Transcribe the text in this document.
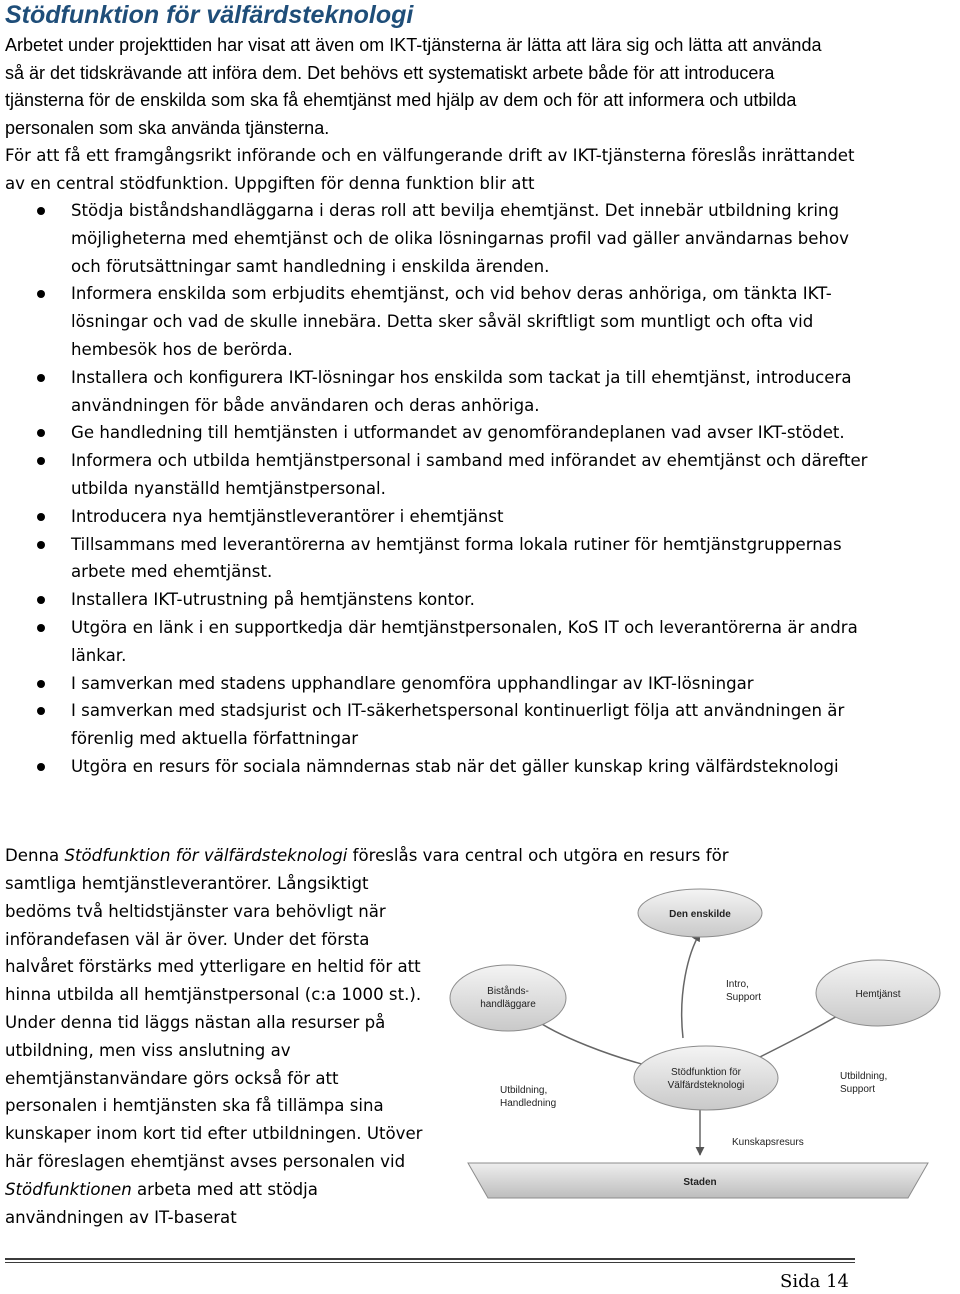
Stödfunktion för välfärdsteknologi

Arbetet under projekttiden har visat att även om IKT-tjänsterna är lätta att lära sig och lätta att använda så är det tidskrävande att införa dem. Det behövs ett systematiskt arbete både för att introducera tjänsterna för de enskilda som ska få ehemtjänst med hjälp av dem och för att informera och utbilda personalen som ska använda tjänsterna.

För att få ett framgångsrikt införande och en välfungerande drift av IKT-tjänsterna föreslås inrättandet av en central stödfunktion. Uppgiften för denna funktion blir att

Stödja biståndshandläggarna i deras roll att bevilja ehemtjänst. Det innebär utbildning kring möjligheterna med ehemtjänst och de olika lösningarnas profil vad gäller användarnas behov och förutsättningar samt handledning i enskilda ärenden.
Informera enskilda som erbjudits ehemtjänst, och vid behov deras anhöriga, om tänkta IKT-lösningar och vad de skulle innebära. Detta sker såväl skriftligt som muntligt och ofta vid hembesök hos de berörda.
Installera och konfigurera IKT-lösningar hos enskilda som tackat ja till ehemtjänst, introducera användningen för både användaren och deras anhöriga.
Ge handledning till hemtjänsten i utformandet av genomförandeplanen vad avser IKT-stödet.
Informera och utbilda hemtjänstpersonal i samband med införandet av ehemtjänst och därefter utbilda nyanställd hemtjänstpersonal.
Introducera nya hemtjänstleverantörer i ehemtjänst
Tillsammans med leverantörerna av hemtjänst forma lokala rutiner för hemtjänstgruppernas arbete med ehemtjänst.
Installera IKT-utrustning på hemtjänstens kontor.
Utgöra en länk i en supportkedja där hemtjänstpersonalen, KoS IT och leverantörerna är andra länkar.
I samverkan med stadens upphandlare genomföra upphandlingar av IKT-lösningar
I samverkan med stadsjurist och IT-säkerhetspersonal kontinuerligt följa att användningen är förenlig med aktuella författningar
Utgöra en resurs för sociala nämndernas stab när det gäller kunskap kring välfärdsteknologi

Denna Stödfunktion för välfärdsteknologi föreslås vara central och utgöra en resurs för

samtliga hemtjänstleverantörer. Långsiktigt bedöms två heltidstjänster vara behövligt när införandefasen väl är över. Under det första halvåret förstärks med ytterligare en heltid för att hinna utbilda all hemtjänstpersonal (c:a 1000 st.). Under denna tid läggs nästan alla resurser på utbildning, men viss anslutning av ehemtjänstanvändare görs också för att personalen i hemtjänsten ska få tillämpa sina kunskaper inom kort tid efter utbildningen. Utöver här föreslagen ehemtjänst avses personalen vid Stödfunktionen arbeta med att stödja användningen av IT-baserat

Staden
Den enskilde
Bistånds-
handläggare
Hemtjänst
Stödfunktion för
Välfärdsteknologi
Intro,
Support
Utbildning,
Handledning
Utbildning,
Support
Kunskapsresurs
Sida 14
